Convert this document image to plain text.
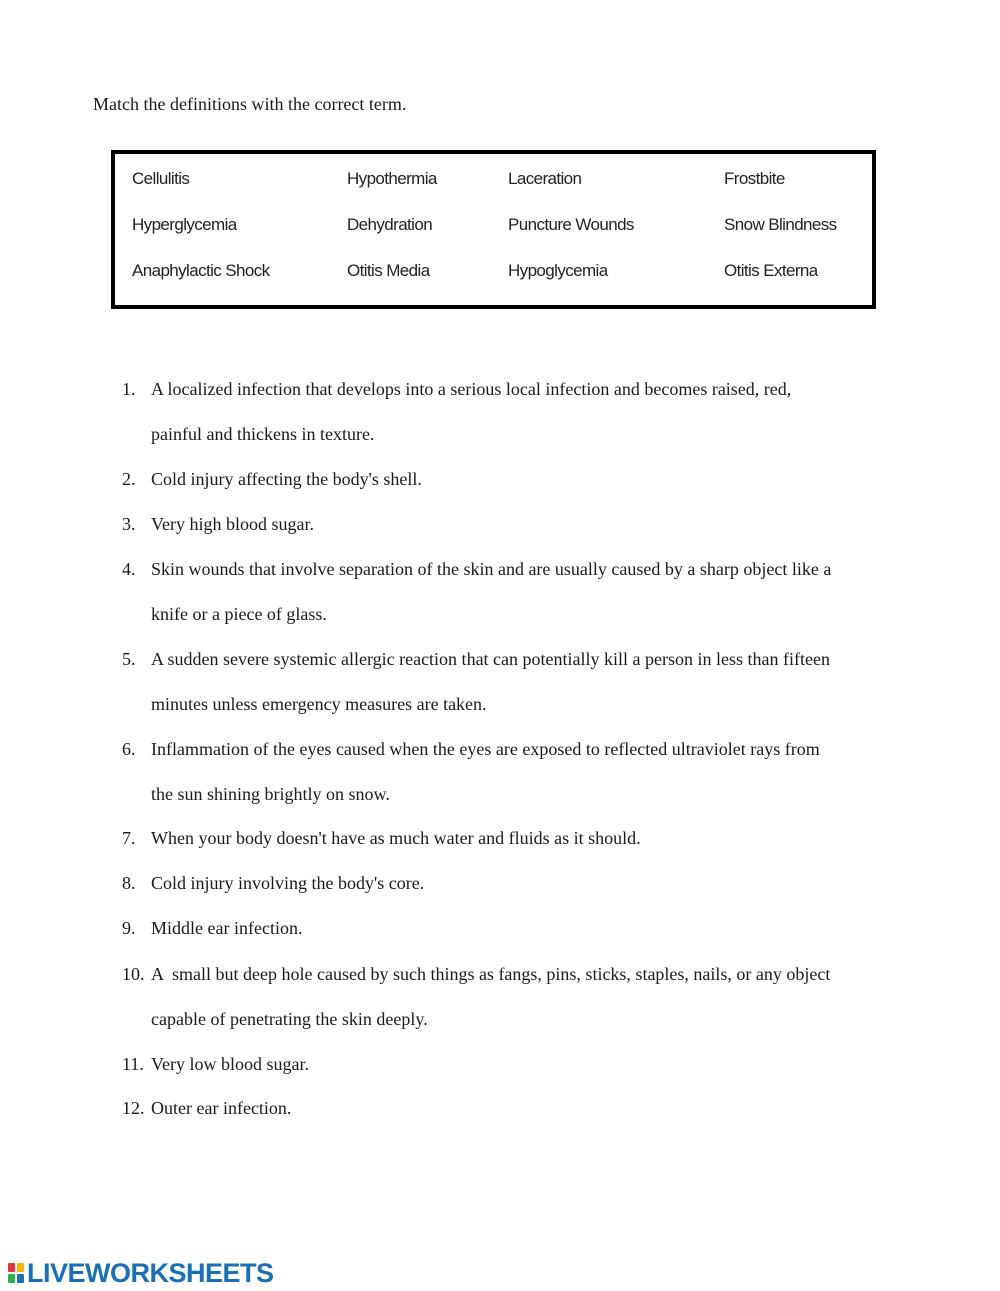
Match the definitions with the correct term.

Cellulitis	Hypothermia	Laceration	Frostbite
Hyperglycemia	Dehydration	Puncture Wounds	Snow Blindness
Anaphylactic Shock	Otitis Media	Hypoglycemia	Otitis Externa
1. A localized infection that develops into a serious local infection and becomes raised, red,
painful and thickens in texture.
2. Cold injury affecting the body's shell.
3. Very high blood sugar.
4. Skin wounds that involve separation of the skin and are usually caused by a sharp object like a
knife or a piece of glass.
5. A sudden severe systemic allergic reaction that can potentially kill a person in less than fifteen
minutes unless emergency measures are taken.
6. Inflammation of the eyes caused when the eyes are exposed to reflected ultraviolet rays from
the sun shining brightly on snow.
7. When your body doesn't have as much water and fluids as it should.
8. Cold injury involving the body's core.
9. Middle ear infection.
10. A  small but deep hole caused by such things as fangs, pins, sticks, staples, nails, or any object
capable of penetrating the skin deeply.
11. Very low blood sugar.
12. Outer ear infection.
LIVEWORKSHEETS
